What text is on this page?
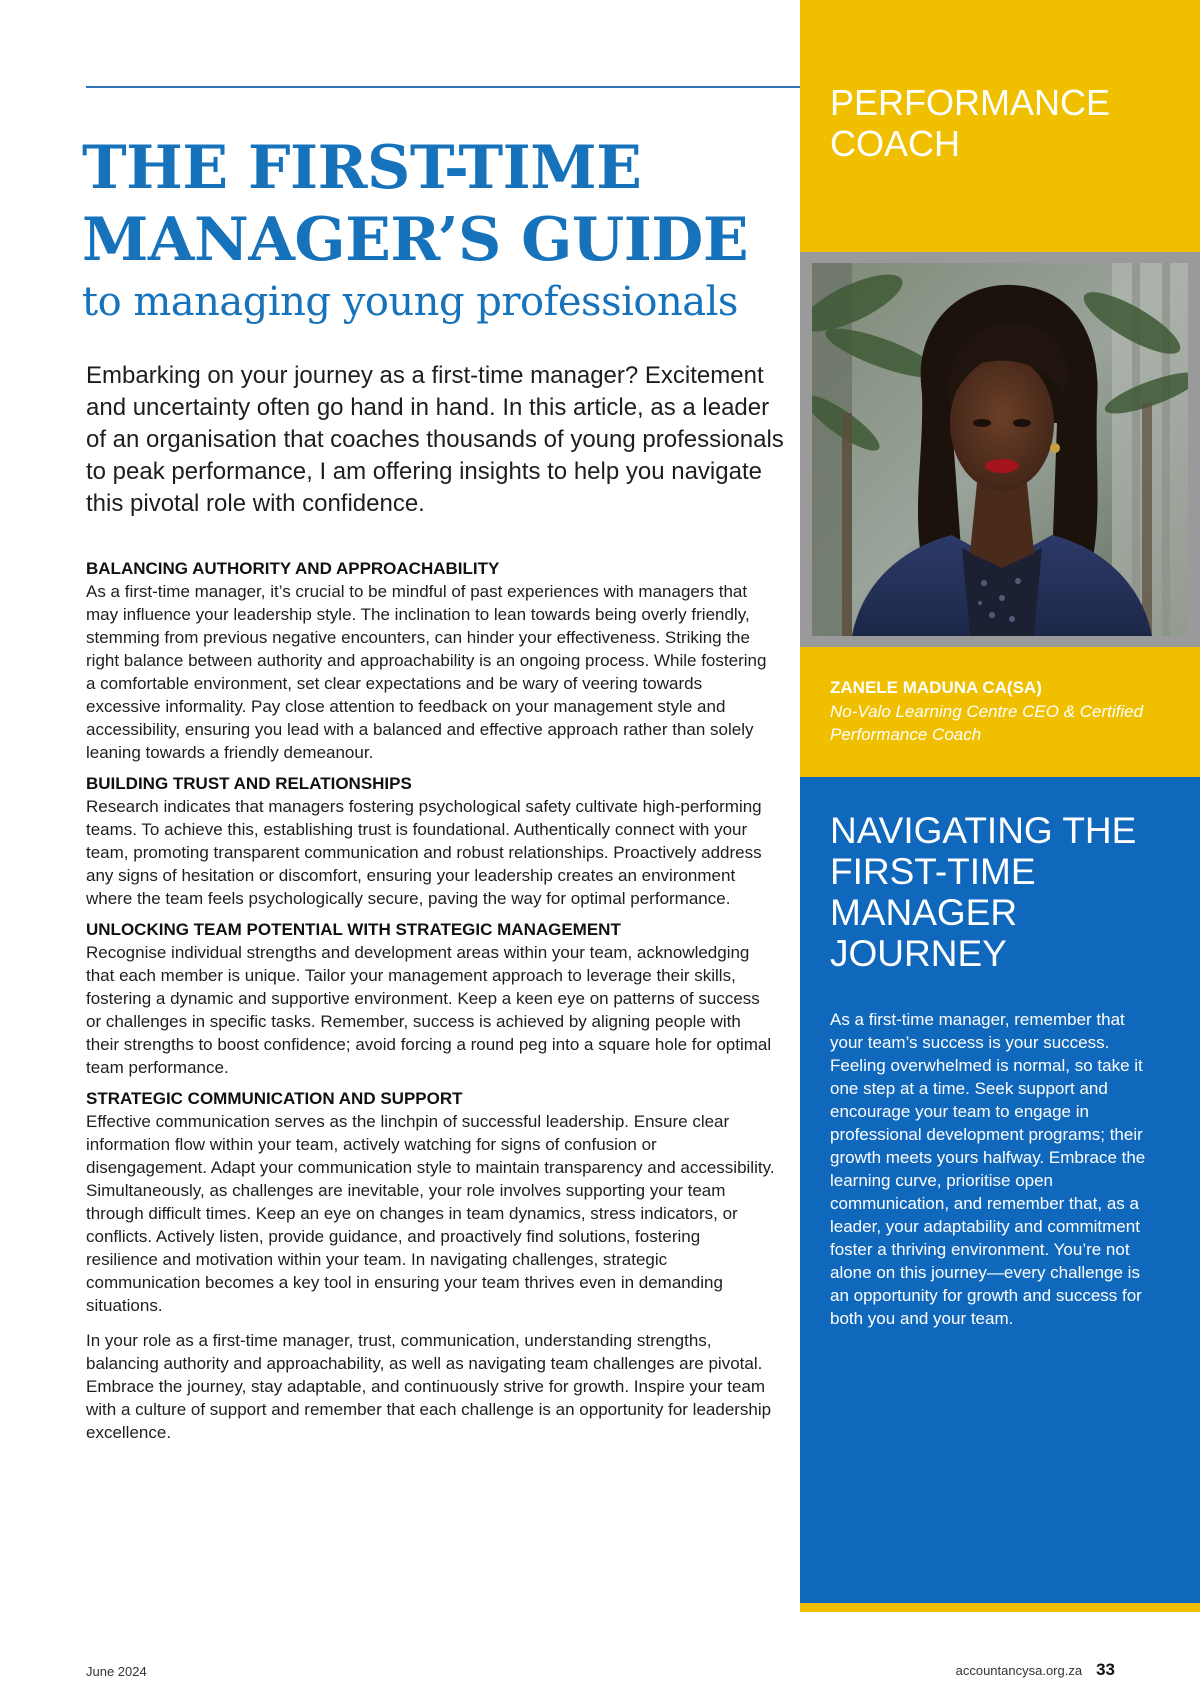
THE FIRST-TIME
MANAGER’S GUIDE

to managing young professionals

Embarking on your journey as a first-time manager? Excitement and uncertainty often go hand in hand. In this article, as a leader of an organisation that coaches thousands of young professionals to peak performance, I am offering insights to help you navigate this pivotal role with confidence.

BALANCING AUTHORITY AND APPROACHABILITY

As a first-time manager, it’s crucial to be mindful of past experiences with managers that may influence your leadership style. The inclination to lean towards being overly friendly, stemming from previous negative encounters, can hinder your effectiveness. Striking the right balance between authority and approachability is an ongoing process. While fostering a comfortable environment, set clear expectations and be wary of veering towards excessive informality. Pay close attention to feedback on your management style and accessibility, ensuring you lead with a balanced and effective approach rather than solely leaning towards a friendly demeanour.

BUILDING TRUST AND RELATIONSHIPS

Research indicates that managers fostering psychological safety cultivate high-performing teams. To achieve this, establishing trust is foundational. Authentically connect with your team, promoting transparent communication and robust relationships. Proactively address any signs of hesitation or discomfort, ensuring your leadership creates an environment where the team feels psychologically secure, paving the way for optimal performance.

UNLOCKING TEAM POTENTIAL WITH STRATEGIC MANAGEMENT

Recognise individual strengths and development areas within your team, acknowledging that each member is unique. Tailor your management approach to leverage their skills, fostering a dynamic and supportive environment. Keep a keen eye on patterns of success or challenges in specific tasks. Remember, success is achieved by aligning people with their strengths to boost confidence; avoid forcing a round peg into a square hole for optimal team performance.

STRATEGIC COMMUNICATION AND SUPPORT

Effective communication serves as the linchpin of successful leadership. Ensure clear information flow within your team, actively watching for signs of confusion or disengagement. Adapt your communication style to maintain transparency and accessibility. Simultaneously, as challenges are inevitable, your role involves supporting your team through difficult times. Keep an eye on changes in team dynamics, stress indicators, or conflicts. Actively listen, provide guidance, and proactively find solutions, fostering resilience and motivation within your team. In navigating challenges, strategic communication becomes a key tool in ensuring your team thrives even in demanding situations.

In your role as a first-time manager, trust, communication, understanding strengths, balancing authority and approachability, as well as navigating team challenges are pivotal. Embrace the journey, stay adaptable, and continuously strive for growth. Inspire your team with a culture of support and remember that each challenge is an opportunity for leadership excellence.

June 2024	accountancysa.org.za 33
PERFORMANCE COACH

ZANELE MADUNA CA(SA)

No-Valo Learning Centre CEO & Certified Performance Coach

NAVIGATING THE FIRST-TIME MANAGER JOURNEY

As a first-time manager, remember that your team’s success is your success. Feeling overwhelmed is normal, so take it one step at a time. Seek support and encourage your team to engage in professional development programs; their growth meets yours halfway. Embrace the learning curve, prioritise open communication, and remember that, as a leader, your adaptability and commitment foster a thriving environment. You’re not alone on this journey—every challenge is an opportunity for growth and success for both you and your team.
